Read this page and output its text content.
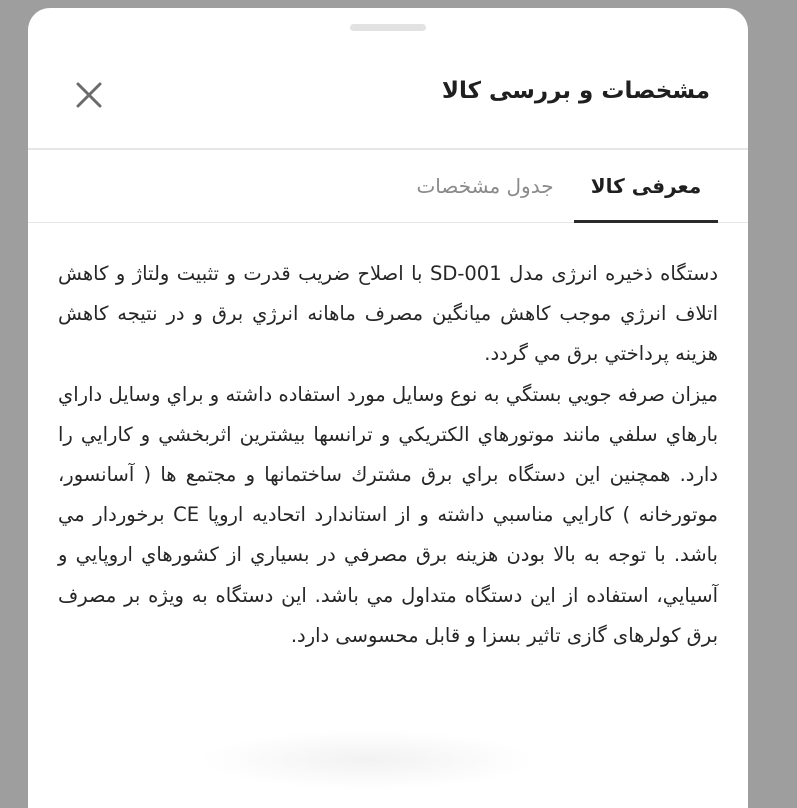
مشخصات و بررسی کالا
معرفی کالا
جدول مشخصات

دستگاه ذخیره انرژی مدل SD-001 با اصلاح ضریب قدرت و تثبیت ولتاژ و کاهش اتلاف انرژي موجب کاهش میانگین مصرف ماهانه انرژي برق و در نتیجه کاهش هزینه پرداختي برق مي گردد.

میزان صرفه جويي بستگي به نوع وسایل مورد استفاده داشته و براي وسایل داراي بارهاي سلفي مانند موتورهاي الکتریکي و ترانسها بیشترین اثربخشي و کارايي را دارد. همچنین این دستگاه براي برق مشترك ساختمانها و مجتمع ها ( آسانسور، موتورخانه ) کارايي مناسبي داشته و از استاندارد اتحادیه اروپا CE برخوردار مي باشد. با توجه به بالا بودن هزینه برق مصرفي در بسیاري از کشورهاي اروپايي و آسیايي، استفاده از این دستگاه متداول مي باشد. این دستگاه به ویژه بر مصرف برق کولرهای گازی تاثیر بسزا و قابل محسوسی دارد.
